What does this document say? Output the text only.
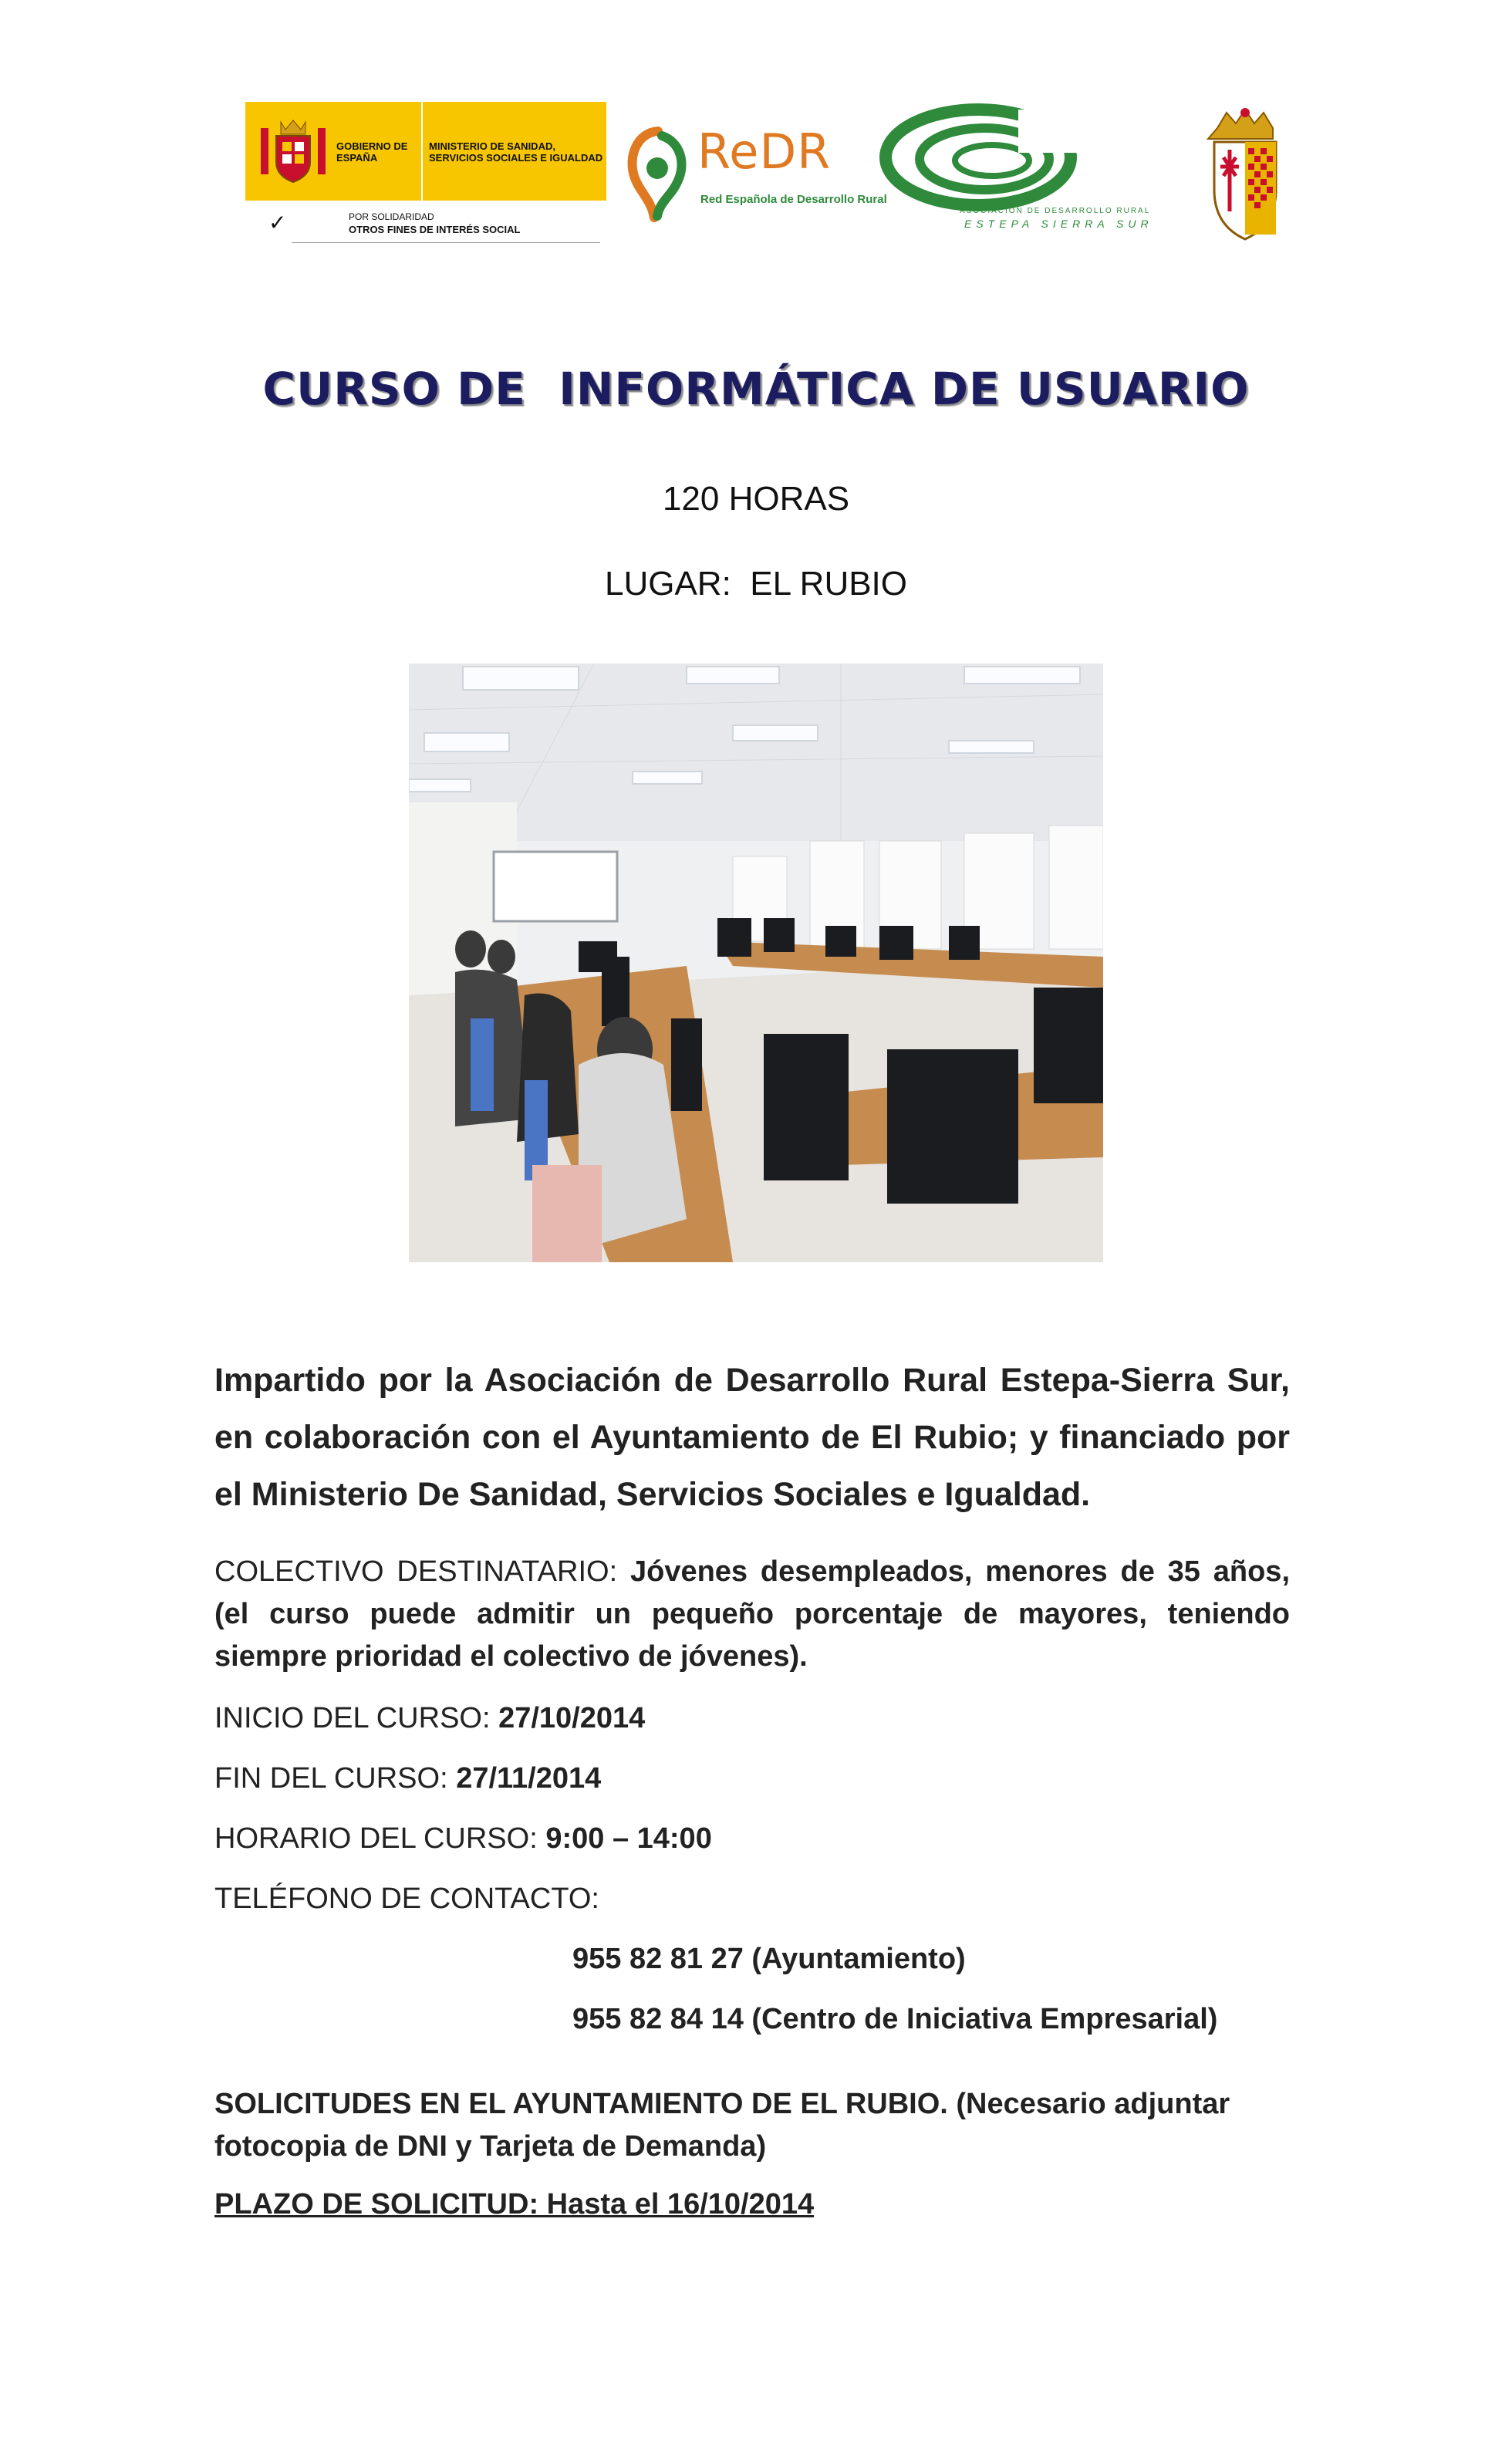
GOBIERNO DE ESPAÑA
MINISTERIO DE SANIDAD, SERVICIOS SOCIALES E IGUALDAD
✓	POR SOLIDARIDAD
OTROS FINES DE INTERÉS SOCIAL
ReDR
Red Española de Desarrollo Rural
ASOCIACIÓN DE DESARROLLO RURAL
ESTEPA SIERRA SUR
CURSO DE  INFORMÁTICA DE USUARIO
120 HORAS
LUGAR:  EL RUBIO
Impartido por la Asociación de Desarrollo Rural Estepa-Sierra Sur, en colaboración con el Ayuntamiento de El Rubio; y financiado por el Ministerio De Sanidad, Servicios Sociales e Igualdad.
COLECTIVO DESTINATARIO: Jóvenes desempleados, menores de 35 años, (el curso puede admitir un pequeño porcentaje de mayores, teniendo siempre prioridad el colectivo de jóvenes).
INICIO DEL CURSO: 27/10/2014
FIN DEL CURSO: 27/11/2014
HORARIO DEL CURSO: 9:00 – 14:00
TELÉFONO DE CONTACTO:
955 82 81 27 (Ayuntamiento)
955 82 84 14 (Centro de Iniciativa Empresarial)
SOLICITUDES EN EL AYUNTAMIENTO DE EL RUBIO. (Necesario adjuntar fotocopia de DNI y Tarjeta de Demanda)
PLAZO DE SOLICITUD: Hasta el 16/10/2014
